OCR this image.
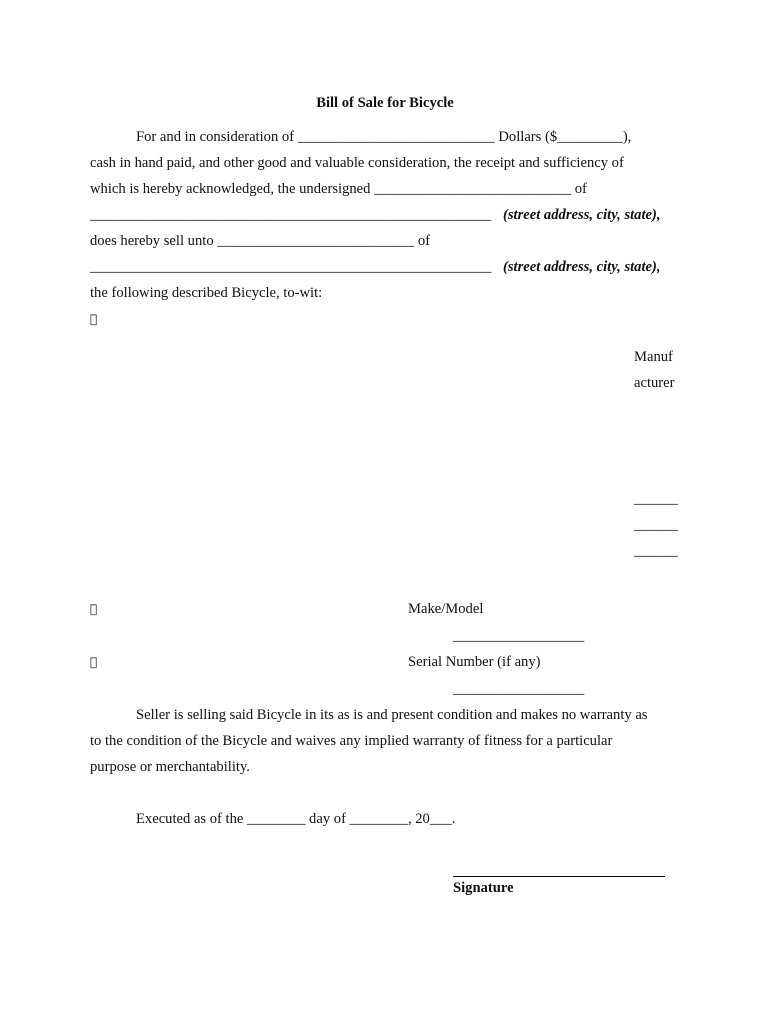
Bill of Sale for Bicycle
For and in consideration of ___________________________ Dollars ($_________),
cash in hand paid, and other good and valuable consideration, the receipt and sufficiency of
which is hereby acknowledged, the undersigned ___________________________ of
_______________________________________________________ (street address, city, state),
does hereby sell unto ___________________________ of
_______________________________________________________ (street address, city, state),
the following described Bicycle, to-wit:

Manuf
acturer
______
______
______
	Make/Model
__________________
	Serial Number (if any)
__________________
Seller is selling said Bicycle in its as is and present condition and makes no warranty as
to the condition of the Bicycle and waives any implied warranty of fitness for a particular
purpose or merchantability.
Executed as of the ________ day of ________, 20___.
Signature
